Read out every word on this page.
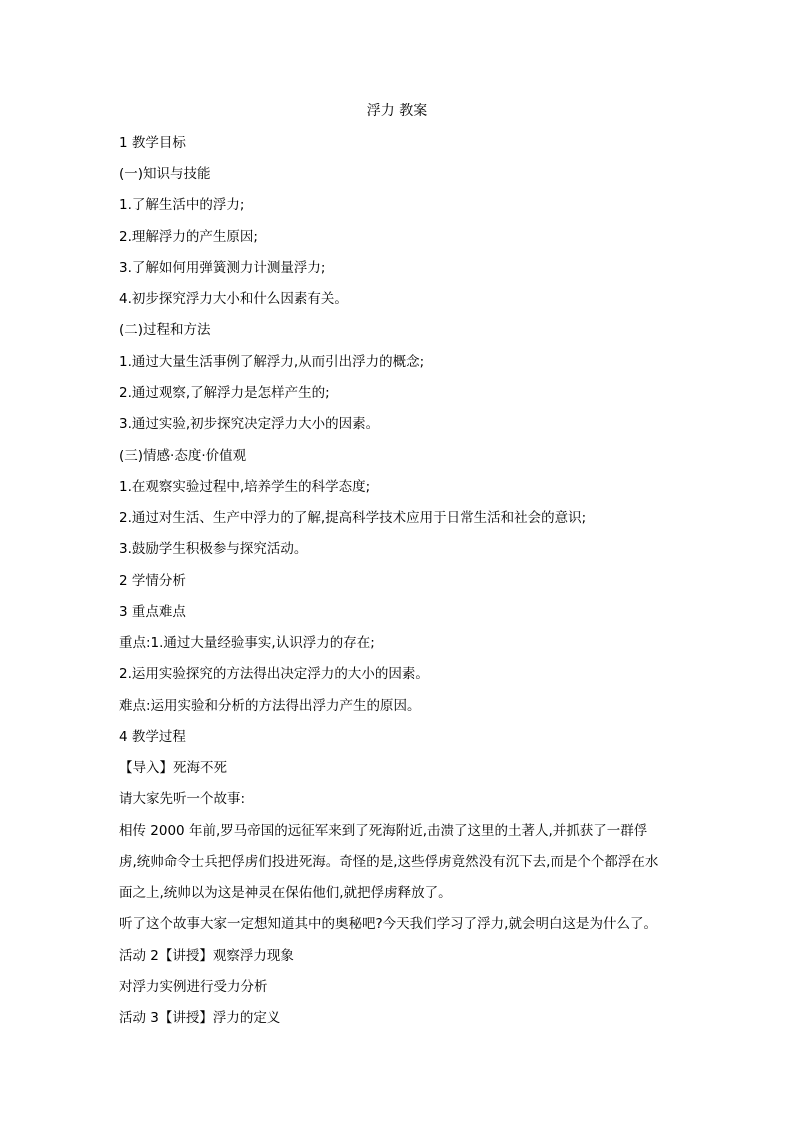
浮力 教案
1 教学目标
(一)知识与技能
1.了解生活中的浮力;
2.理解浮力的产生原因;
3.了解如何用弹簧测力计测量浮力;
4.初步探究浮力大小和什么因素有关。
(二)过程和方法
1.通过大量生活事例了解浮力,从而引出浮力的概念;
2.通过观察,了解浮力是怎样产生的;
3.通过实验,初步探究决定浮力大小的因素。
(三)情感·态度·价值观
1.在观察实验过程中,培养学生的科学态度;
2.通过对生活、生产中浮力的了解,提高科学技术应用于日常生活和社会的意识;
3.鼓励学生积极参与探究活动。
2 学情分析
3 重点难点
重点:1.通过大量经验事实,认识浮力的存在;
2.运用实验探究的方法得出决定浮力的大小的因素。
难点:运用实验和分析的方法得出浮力产生的原因。
4 教学过程
【导入】死海不死
请大家先听一个故事:
相传 2000 年前,罗马帝国的远征军来到了死海附近,击溃了这里的土著人,并抓获了一群俘
虏,统帅命令士兵把俘虏们投进死海。奇怪的是,这些俘虏竟然没有沉下去,而是个个都浮在水
面之上,统帅以为这是神灵在保佑他们,就把俘虏释放了。
听了这个故事大家一定想知道其中的奥秘吧?今天我们学习了浮力,就会明白这是为什么了。
活动 2【讲授】观察浮力现象
对浮力实例进行受力分析
活动 3【讲授】浮力的定义
